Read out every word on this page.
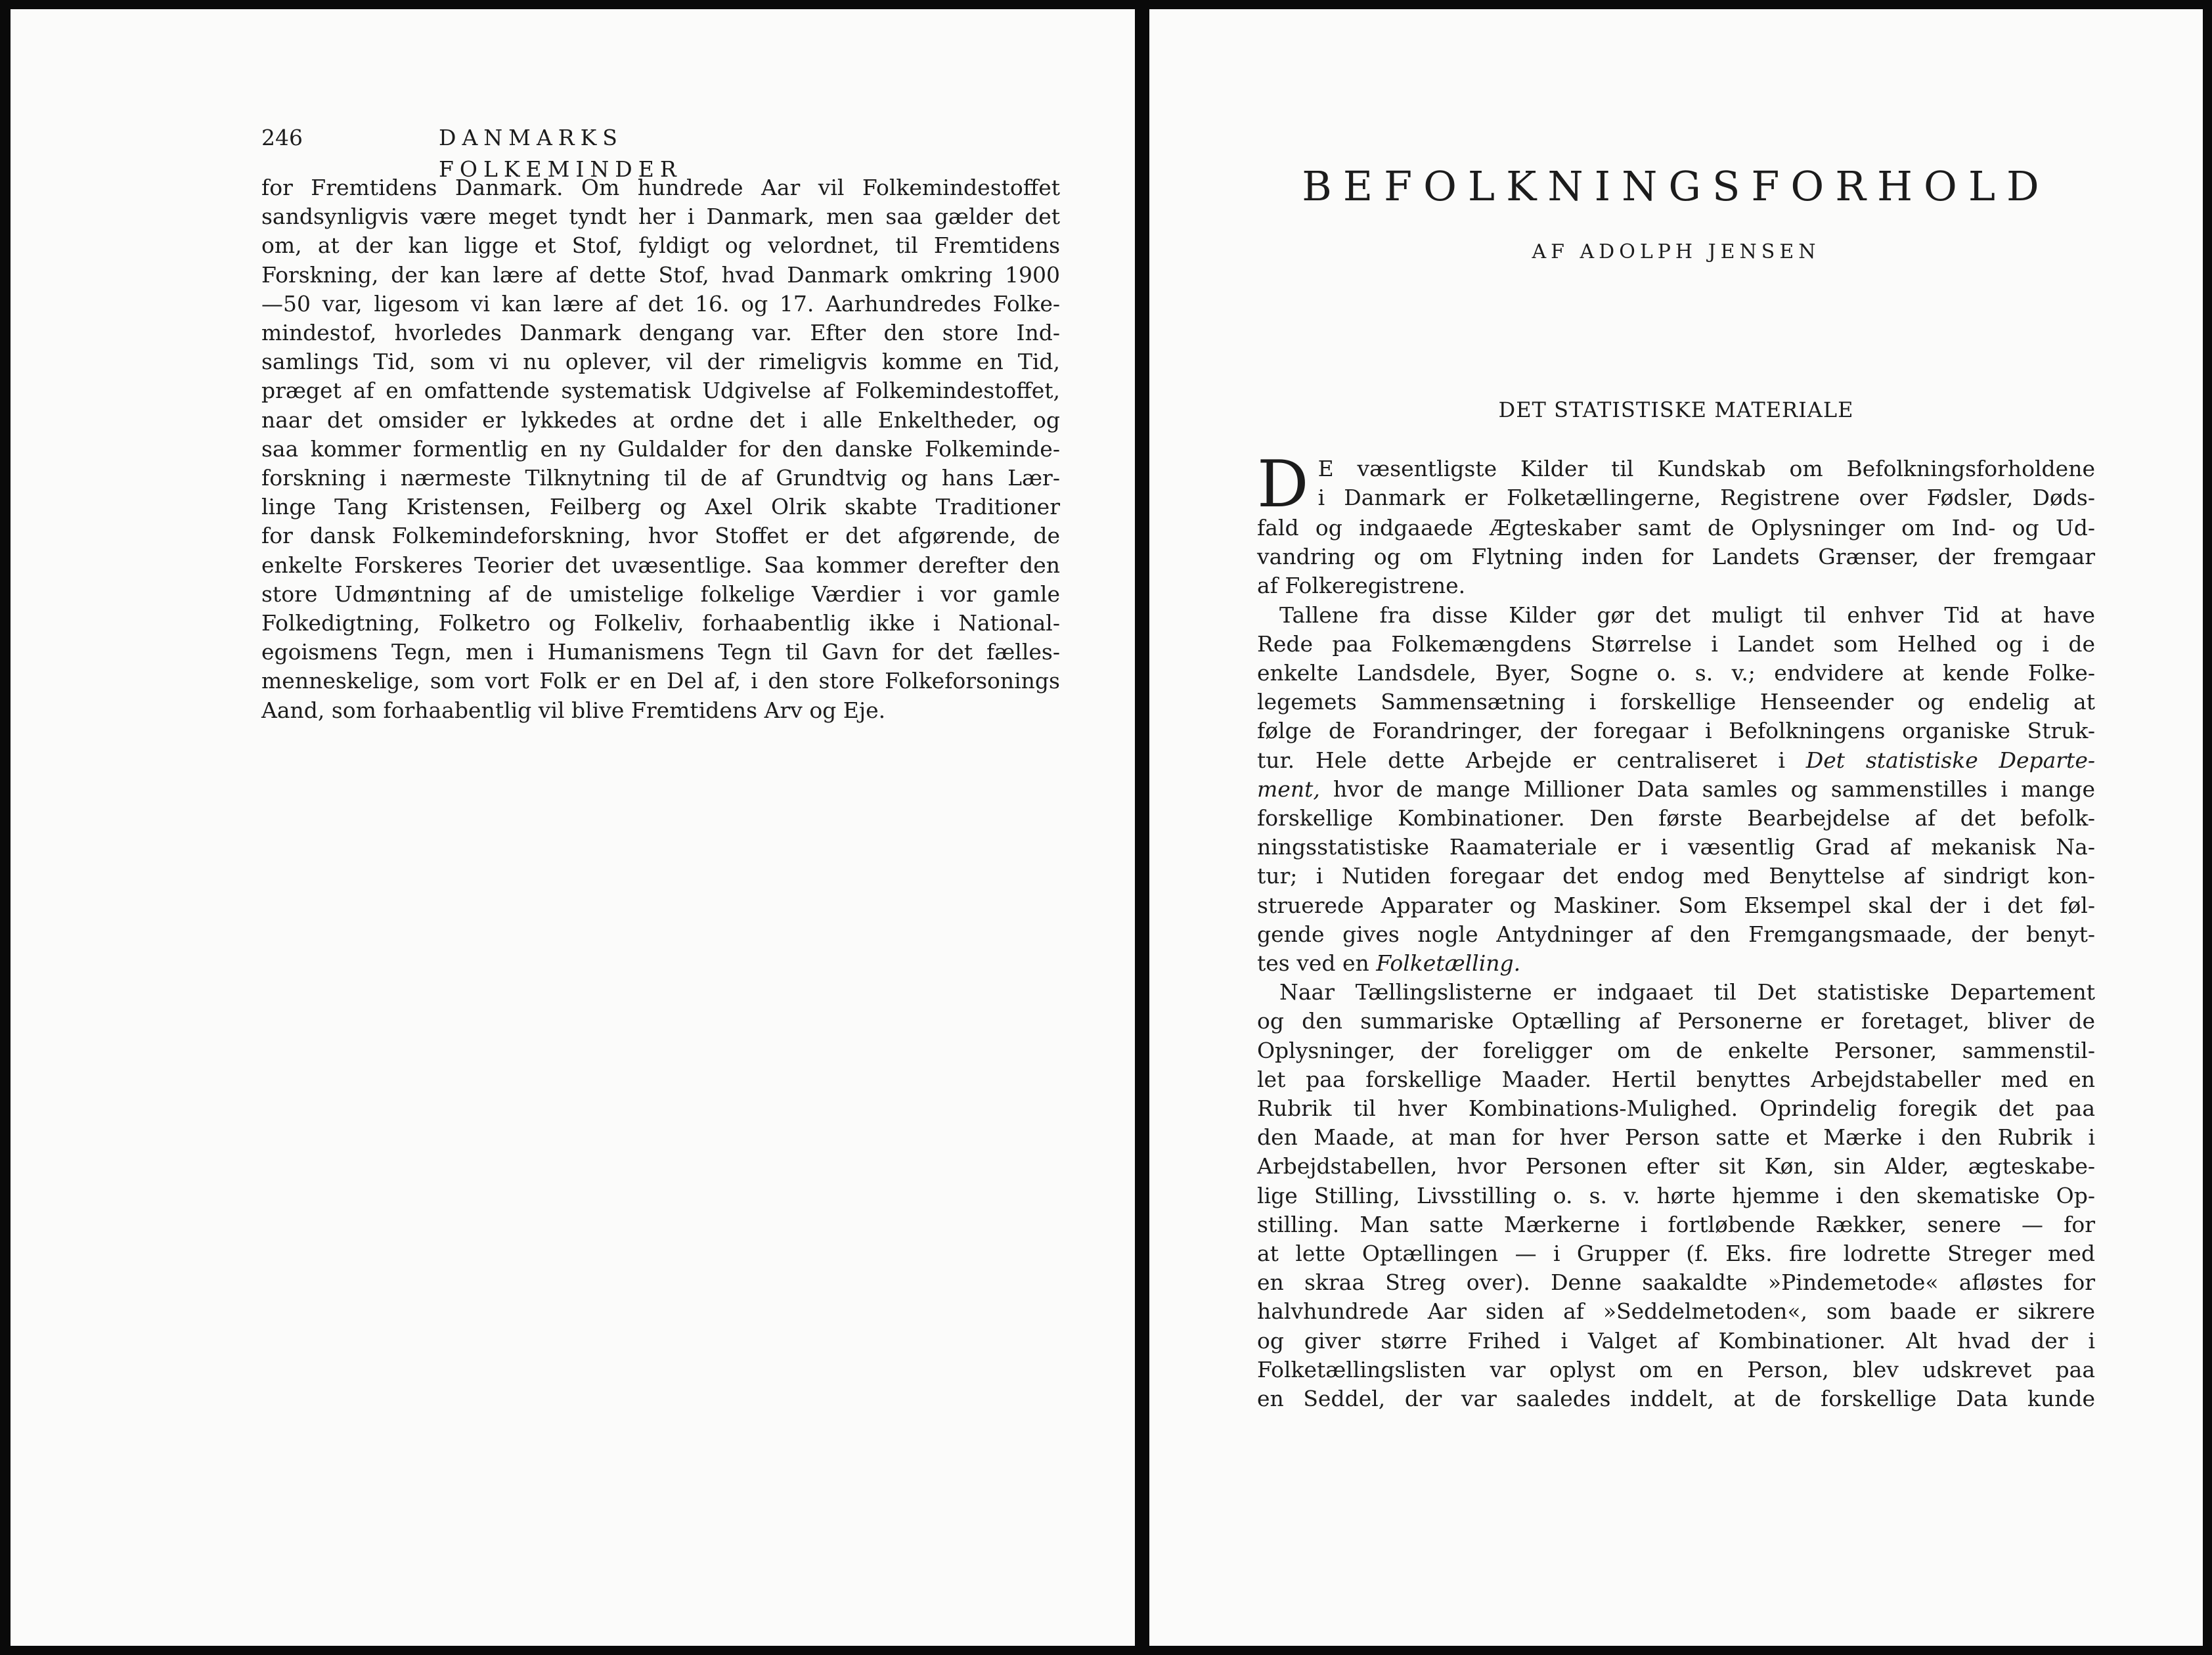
246	DANMARKS FOLKEMINDER
for Fremtidens Danmark. Om hundrede Aar vil Folkemindestoffet
sandsynligvis være meget tyndt her i Danmark, men saa gælder det
om, at der kan ligge et Stof, fyldigt og velordnet, til Fremtidens
Forskning, der kan lære af dette Stof, hvad Danmark omkring 1900
—50 var, ligesom vi kan lære af det 16. og 17. Aarhundredes Folke-
mindestof, hvorledes Danmark dengang var. Efter den store Ind-
samlings Tid, som vi nu oplever, vil der rimeligvis komme en Tid,
præget af en omfattende systematisk Udgivelse af Folkemindestoffet,
naar det omsider er lykkedes at ordne det i alle Enkeltheder, og
saa kommer formentlig en ny Guldalder for den danske Folkeminde-
forskning i nærmeste Tilknytning til de af Grundtvig og hans Lær-
linge Tang Kristensen, Feilberg og Axel Olrik skabte Traditioner
for dansk Folkemindeforskning, hvor Stoffet er det afgørende, de
enkelte Forskeres Teorier det uvæsentlige. Saa kommer derefter den
store Udmøntning af de umistelige folkelige Værdier i vor gamle
Folkedigtning, Folketro og Folkeliv, forhaabentlig ikke i National-
egoismens Tegn, men i Humanismens Tegn til Gavn for det fælles-
menneskelige, som vort Folk er en Del af, i den store Folkeforsonings
Aand, som forhaabentlig vil blive Fremtidens Arv og Eje.
BEFOLKNINGSFORHOLD
AF ADOLPH JENSEN
DET STATISTISKE MATERIALE
D E væsentligste Kilder til Kundskab om Befolkningsforholdene
i Danmark er Folketællingerne, Registrene over Fødsler, Døds-
fald og indgaaede Ægteskaber samt de Oplysninger om Ind- og Ud-
vandring og om Flytning inden for Landets Grænser, der fremgaar
af Folkeregistrene.
Tallene fra disse Kilder gør det muligt til enhver Tid at have
Rede paa Folkemængdens Størrelse i Landet som Helhed og i de
enkelte Landsdele, Byer, Sogne o. s. v.; endvidere at kende Folke-
legemets Sammensætning i forskellige Henseender og endelig at
følge de Forandringer, der foregaar i Befolkningens organiske Struk-
tur. Hele dette Arbejde er centraliseret i Det statistiske Departe-
ment, hvor de mange Millioner Data samles og sammenstilles i mange
forskellige Kombinationer. Den første Bearbejdelse af det befolk-
ningsstatistiske Raamateriale er i væsentlig Grad af mekanisk Na-
tur; i Nutiden foregaar det endog med Benyttelse af sindrigt kon-
struerede Apparater og Maskiner. Som Eksempel skal der i det føl-
gende gives nogle Antydninger af den Fremgangsmaade, der benyt-
tes ved en Folketælling.
Naar Tællingslisterne er indgaaet til Det statistiske Departement
og den summariske Optælling af Personerne er foretaget, bliver de
Oplysninger, der foreligger om de enkelte Personer, sammenstil-
let paa forskellige Maader. Hertil benyttes Arbejdstabeller med en
Rubrik til hver Kombinations-Mulighed. Oprindelig foregik det paa
den Maade, at man for hver Person satte et Mærke i den Rubrik i
Arbejdstabellen, hvor Personen efter sit Køn, sin Alder, ægteskabe-
lige Stilling, Livsstilling o. s. v. hørte hjemme i den skematiske Op-
stilling. Man satte Mærkerne i fortløbende Rækker, senere — for
at lette Optællingen — i Grupper (f. Eks. fire lodrette Streger med
en skraa Streg over). Denne saakaldte »Pindemetode« afløstes for
halvhundrede Aar siden af »Seddelmetoden«, som baade er sikrere
og giver større Frihed i Valget af Kombinationer. Alt hvad der i
Folketællingslisten var oplyst om en Person, blev udskrevet paa
en Seddel, der var saaledes inddelt, at de forskellige Data kunde
